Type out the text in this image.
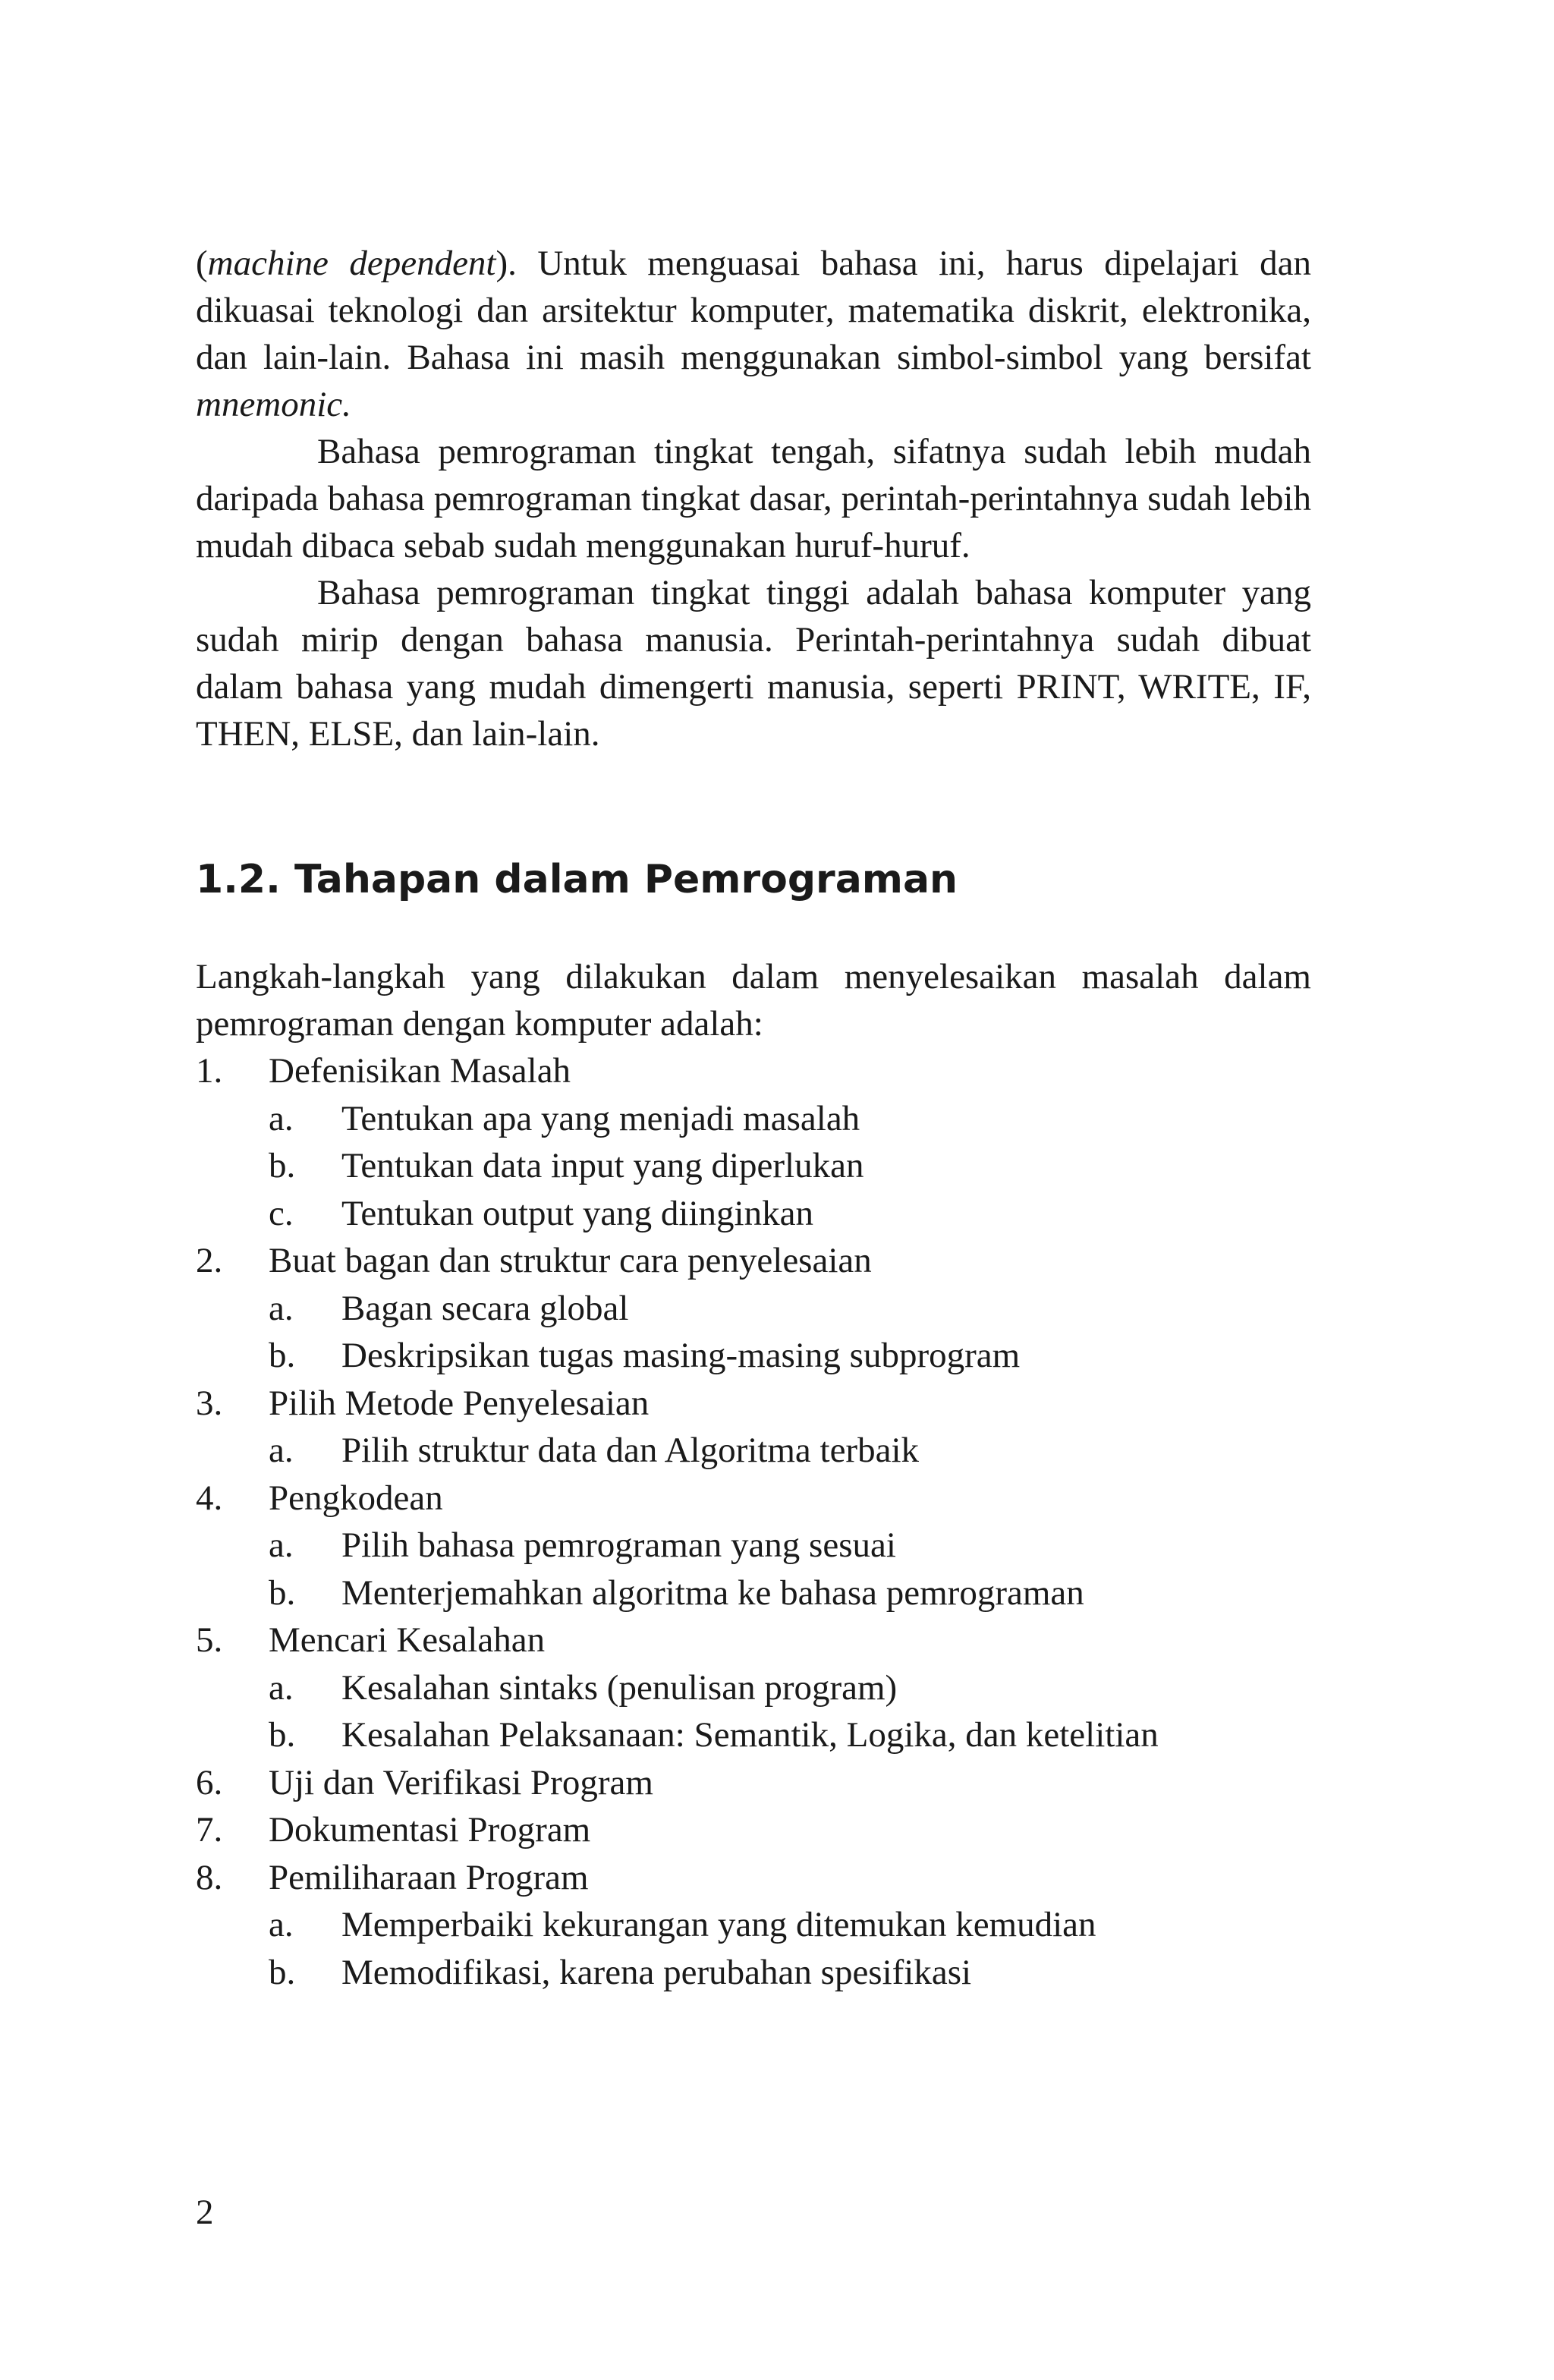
(machine dependent). Untuk menguasai bahasa ini, harus dipelajari dan dikuasai teknologi dan arsitektur komputer, matematika diskrit, elektronika, dan lain-lain. Bahasa ini masih menggunakan simbol-simbol yang bersifat mnemonic.

Bahasa pemrograman tingkat tengah, sifatnya sudah lebih mudah daripada bahasa pemrograman tingkat dasar, perintah-perintahnya sudah lebih mudah dibaca sebab sudah menggunakan huruf-huruf.

Bahasa pemrograman tingkat tinggi adalah bahasa komputer yang sudah mirip dengan bahasa manusia. Perintah-perintahnya sudah dibuat dalam bahasa yang mudah dimengerti manusia, seperti PRINT, WRITE, IF, THEN, ELSE, dan lain-lain.

1.2. Tahapan dalam Pemrograman

Langkah-langkah yang dilakukan dalam menyelesaikan masalah dalam pemrograman dengan komputer adalah:

1.	Defenisikan Masalah
a.	Tentukan apa yang menjadi masalah
b.	Tentukan data input yang diperlukan
c.	Tentukan output yang diinginkan
2.	Buat bagan dan struktur cara penyelesaian
a.	Bagan secara global
b.	Deskripsikan tugas masing-masing subprogram
3.	Pilih Metode Penyelesaian
a.	Pilih struktur data dan Algoritma terbaik
4.	Pengkodean
a.	Pilih bahasa pemrograman yang sesuai
b.	Menterjemahkan algoritma ke bahasa pemrograman
5.	Mencari Kesalahan
a.	Kesalahan sintaks (penulisan program)
b.	Kesalahan Pelaksanaan: Semantik, Logika, dan ketelitian
6.	Uji dan Verifikasi Program
7.	Dokumentasi Program
8.	Pemiliharaan Program
a.	Memperbaiki kekurangan yang ditemukan kemudian
b.	Memodifikasi, karena perubahan spesifikasi
2
